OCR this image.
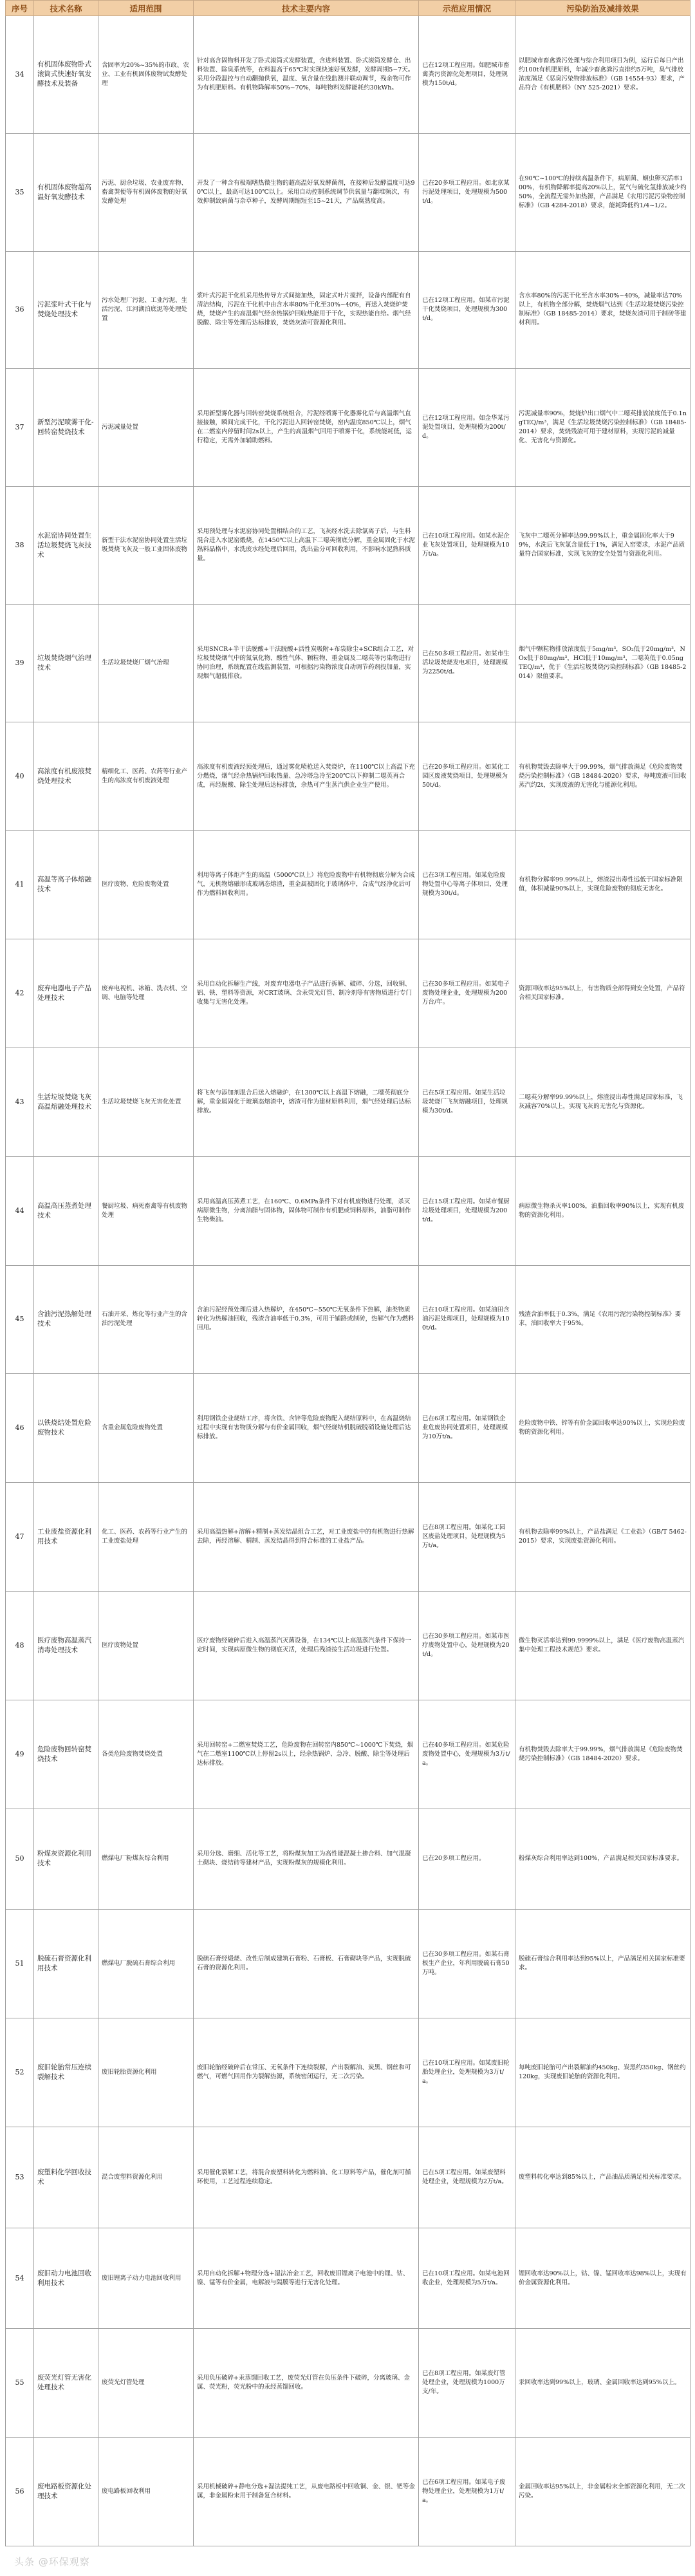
序号	技术名称	适用范围	技术主要内容	示范应用情况	污染防治及减排效果
34	有机固体废物卧式滚筒式快速好氧发酵技术及装备	含固率为20%~35%的市政、农业、工业有机固体废物试发酵处理	针对高含固物料开发了卧式滚筒式发酵装置，含进料装置、卧式滚筒发酵仓、出料装置、除臭系统等，在料温高于65℃时实现快速好氧发酵，发酵周期5~7天。采用分段温控与自动翻抛供氧，温度、氧含量在线监测并联动调节，残余物可作为有机肥原料。有机物降解率50%~70%，每吨物料发酵能耗约30kWh。	已在12项工程应用。如肥城市畜禽粪污资源化处理项目，处理规模为150t/d。	以肥城市畜禽粪污处理与综合利用项目为例，运行后每日产出约100t有机肥原料，年减少畜禽粪污直排约5万吨，臭气排放浓度满足《恶臭污染物排放标准》（GB 14554-93）要求，产品符合《有机肥料》（NY 525-2021）要求。
35	有机固体废物超高温好氧发酵技术	污泥、厨余垃圾、农业废弃物、畜禽粪便等有机固体废物的好氧发酵处理	开发了一种含有极端嗜热微生物的超高温好氧发酵菌剂，在接种后发酵温度可达90℃以上，最高可达100℃以上。采用自动控制系统调节供氧量与翻堆频次，有效抑制致病菌与杂草种子，发酵周期缩短至15~21天，产品腐熟度高。	已在20多项工程应用。如北京某污泥处理项目，处理规模为500t/d。	在90℃~100℃的持续高温条件下，病原菌、蛔虫卵灭活率100%，有机物降解率提高20%以上，氨气与硫化氢排放减少约50%，全流程无需外加热源，产品满足《农用污泥污染物控制标准》（GB 4284-2018）要求，能耗降低约1/4~1/2。
36	污泥浆叶式干化与焚烧处理技术	污水处理厂污泥、工业污泥、生活污泥、江河湖泊底泥等处理处置	浆叶式污泥干化机采用热传导方式间接加热，固定式叶片搅拌，设备内部配有自清洁结构，污泥在干化机中由含水率80%干化至30%~40%，再送入焚烧炉焚烧，焚烧产生的高温烟气经余热锅炉回收热能用于干化，实现热能自给。烟气经脱酸、除尘等处理后达标排放，焚烧灰渣可资源化利用。	已在12项工程应用。如某市污泥干化焚烧项目，处理规模为300t/d。	含水率80%的污泥干化至含水率30%~40%，减量率达70%以上，有机物全部分解，焚烧烟气达到《生活垃圾焚烧污染控制标准》（GB 18485-2014）要求，焚烧灰渣可用于制砖等建材利用。
37	新型污泥喷雾干化-回转窑焚烧技术	污泥减量处置	采用新型雾化器与回转窑焚烧系统组合，污泥经喷雾干化器雾化后与高温烟气直接接触，瞬间完成干化，干化污泥进入回转窑焚烧，窑内温度850℃以上，烟气在二燃室内停留时间2s以上，产生的高温烟气回用于喷雾干化，系统能耗低，运行稳定，无需外加辅助燃料。	已在12项工程应用。如金华某污泥处置项目，处理规模为200t/d。	污泥减量率90%，焚烧炉出口烟气中二噁英排放浓度低于0.1ngTEQ/m³，满足《生活垃圾焚烧污染控制标准》（GB 18485-2014）要求，焚烧残渣可用于建材原料，实现污泥的减量化、无害化与资源化。
38	水泥窑协同处置生活垃圾焚烧飞灰技术	新型干法水泥窑协同处置生活垃圾焚烧飞灰及一般工业固体废物	采用预处理与水泥窑协同处置相结合的工艺，飞灰经水洗去除氯离子后，与生料混合进入水泥窑煅烧，在1450℃以上高温下二噁英彻底分解，重金属固化于水泥熟料晶格中，水洗废水经处理后回用，洗出盐分可回收利用，不影响水泥熟料质量。	已在10项工程应用。如某水泥企业飞灰处置项目，处理规模为10万t/a。	飞灰中二噁英分解率达99.99%以上，重金属固化率大于99%，水洗后飞灰氯含量低于1%，满足入窑要求，水泥产品质量符合国家标准，实现飞灰的安全处置与资源化利用。
39	垃圾焚烧烟气治理技术	生活垃圾焚烧厂烟气治理	采用SNCR+半干法脱酸+干法脱酸+活性炭吸附+布袋除尘+SCR组合工艺，对垃圾焚烧烟气中的氮氧化物、酸性气体、颗粒物、重金属及二噁英等污染物进行协同治理，系统配置在线监测装置，可根据污染物浓度自动调节药剂投加量，实现烟气超低排放。	已在50多项工程应用。如某市生活垃圾焚烧发电项目，处理规模为2250t/d。	烟气中颗粒物排放浓度低于5mg/m³，SO₂低于20mg/m³，NOx低于80mg/m³，HCl低于10mg/m³，二噁英低于0.05ngTEQ/m³，优于《生活垃圾焚烧污染控制标准》（GB 18485-2014）限值要求。
40	高浓度有机废液焚烧处理技术	精细化工、医药、农药等行业产生的高浓度有机废液处理	高浓度有机废液经预处理后，通过雾化喷枪送入焚烧炉，在1100℃以上高温下充分燃烧，烟气经余热锅炉回收热量、急冷塔急冷至200℃以下抑制二噁英再合成，再经脱酸、除尘处理后达标排放，余热可产生蒸汽供企业生产使用。	已在20多项工程应用。如某化工园区废液焚烧项目，处理规模为50t/d。	有机物焚毁去除率大于99.99%，烟气排放满足《危险废物焚烧污染控制标准》（GB 18484-2020）要求，每吨废液可回收蒸汽约2t，实现废液的无害化与能源化利用。
41	高温等离子体熔融技术	医疗废物、危险废物处置	利用等离子体炬产生的高温（5000℃以上）将危险废物中有机物彻底分解为合成气，无机物熔融形成玻璃态熔渣，重金属被固化于玻璃体中，合成气经净化后可作为燃料回收利用。	已在3项工程应用。如某危险废物处置中心等离子体项目，处理规模为30t/d。	有机物分解率99.99%以上，熔渣浸出毒性远低于国家标准限值，体积减量90%以上，实现危险废物的彻底无害化。
42	废弃电器电子产品处理技术	废弃电视机、冰箱、洗衣机、空调、电脑等处理	采用自动化拆解生产线，对废弃电器电子产品进行拆解、破碎、分选，回收铜、铝、铁、塑料等资源，对CRT玻璃、含汞荧光灯管、制冷剂等有害物质进行专门收集与无害化处理。	已在30多项工程应用。如某电子废物处理企业，处理规模为200万台/年。	资源回收率达95%以上，有害物质全部得到安全处置，产品符合相关国家标准。
43	生活垃圾焚烧飞灰高温熔融处理技术	生活垃圾焚烧飞灰无害化处置	将飞灰与添加剂混合后送入熔融炉，在1300℃以上高温下熔融，二噁英彻底分解，重金属固化于玻璃态熔渣中，熔渣可作为建材原料利用，烟气经处理后达标排放。	已在5项工程应用。如某生活垃圾焚烧厂飞灰熔融项目，处理规模为30t/d。	二噁英分解率99.99%以上，熔渣浸出毒性满足国家标准，飞灰减容70%以上，实现飞灰的无害化与资源化。
44	高温高压蒸煮处理技术	餐厨垃圾、病死畜禽等有机废物处理	采用高温高压蒸煮工艺，在160℃、0.6MPa条件下对有机废物进行处理，杀灭病原微生物，分离油脂与固体物，固体物可制作有机肥或饲料原料，油脂可制作生物柴油。	已在15项工程应用。如某市餐厨垃圾处理项目，处理规模为200t/d。	病原微生物杀灭率100%，油脂回收率90%以上，实现有机废物的资源化利用。
45	含油污泥热解处理技术	石油开采、炼化等行业产生的含油污泥处理	含油污泥经预处理后进入热解炉，在450℃~550℃无氧条件下热解，油类物质转化为热解油回收，残渣含油率低于0.3%，可用于铺路或制砖，热解气作为燃料回用。	已在10项工程应用。如某油田含油污泥处理项目，处理规模为100t/d。	残渣含油率低于0.3%，满足《农用污泥污染物控制标准》要求，油回收率大于95%。
46	以铁烧结处置危险废物技术	含重金属危险废物处置	利用钢铁企业烧结工序，将含铁、含锌等危险废物配入烧结原料中，在高温烧结过程中实现有害物质分解与有价金属回收，烟气经烧结机脱硫脱硝设施处理后达标排放。	已在6项工程应用。如某钢铁企业危废协同处置项目，处理规模为10万t/a。	危险废物中铁、锌等有价金属回收率达90%以上，实现危险废物的资源化利用。
47	工业废盐资源化利用技术	化工、医药、农药等行业产生的工业废盐处理	采用高温热解+溶解+精制+蒸发结晶组合工艺，对工业废盐中的有机物进行热解去除，再经溶解、精制、蒸发结晶得到符合标准的工业盐产品。	已在8项工程应用。如某化工园区废盐处理项目，处理规模为5万t/a。	有机物去除率99%以上，产品盐满足《工业盐》（GB/T 5462-2015）要求，实现废盐资源化利用。
48	医疗废物高温蒸汽消毒处理技术	医疗废物处置	医疗废物经破碎后进入高温蒸汽灭菌设备，在134℃以上高温蒸汽条件下保持一定时间，实现病原微生物的彻底灭活，处理后残渣按生活垃圾进行处置。	已在30多项工程应用。如某市医疗废物处置中心，处理规模为20t/d。	微生物灭活率达到99.9999%以上，满足《医疗废物高温蒸汽集中处理工程技术规范》要求。
49	危险废物回转窑焚烧技术	各类危险废物焚烧处置	采用回转窑+二燃室焚烧工艺，危险废物在回转窑内850℃~1000℃下焚烧，烟气在二燃室1100℃以上停留2s以上，经余热锅炉、急冷、脱酸、除尘等处理后达标排放。	已在40多项工程应用。如某危险废物处置中心，处理规模为3万t/a。	有机物焚毁去除率大于99.99%，烟气排放满足《危险废物焚烧污染控制标准》（GB 18484-2020）要求。
50	粉煤灰资源化利用技术	燃煤电厂粉煤灰综合利用	采用分选、磨细、活化等工艺，将粉煤灰加工为高性能混凝土掺合料、加气混凝土砌块、烧结砖等建材产品，实现粉煤灰的规模化利用。	已在20多项工程应用。	粉煤灰综合利用率达到100%，产品满足相关国家标准要求。
51	脱硫石膏资源化利用技术	燃煤电厂脱硫石膏综合利用	脱硫石膏经煅烧、改性后制成建筑石膏粉、石膏板、石膏砌块等产品，实现脱硫石膏的资源化利用。	已在30多项工程应用。如某石膏板生产企业，年利用脱硫石膏50万吨。	脱硫石膏综合利用率达到95%以上，产品满足相关国家标准要求。
52	废旧轮胎常压连续裂解技术	废旧轮胎资源化利用	废旧轮胎经破碎后在常压、无氧条件下连续裂解，产出裂解油、炭黑、钢丝和可燃气，可燃气回用作为裂解热源，系统密闭运行，无二次污染。	已在10项工程应用。如某废旧轮胎处理企业，处理规模为3万t/a。	每吨废旧轮胎可产出裂解油约450kg、炭黑约350kg、钢丝约120kg，实现废旧轮胎的资源化利用。
53	废塑料化学回收技术	混合废塑料资源化利用	采用催化裂解工艺，将混合废塑料转化为燃料油、化工原料等产品，催化剂可循环使用，工艺过程连续稳定。	已在5项工程应用。如某废塑料处理企业，处理规模为2万t/a。	废塑料转化率达到85%以上，产品油品质满足相关标准要求。
54	废旧动力电池回收利用技术	废旧锂离子动力电池回收利用	采用自动化拆解+物理分选+湿法冶金工艺，回收废旧锂离子电池中的锂、钴、镍、锰等有价金属，电解液与隔膜等进行无害化处理。	已在10项工程应用。如某电池回收企业，处理规模为5万t/a。	锂回收率达90%以上，钴、镍、锰回收率达98%以上，实现有价金属资源化利用。
55	废荧光灯管无害化处理技术	废荧光灯管处理	采用负压破碎+汞蒸馏回收工艺，废荧光灯管在负压条件下破碎，分离玻璃、金属、荧光粉，荧光粉中的汞经蒸馏回收。	已在8项工程应用。如某废灯管处理企业，处理规模为1000万支/年。	汞回收率达到99%以上，玻璃、金属回收率达到95%以上。
56	废电路板资源化处理技术	废电路板回收利用	采用机械破碎+静电分选+湿法提纯工艺，从废电路板中回收铜、金、银、钯等金属，非金属粉末用于制备复合材料。	已在6项工程应用。如某电子废物处理企业，处理规模为1万t/a。	金属回收率达95%以上，非金属粉末全部资源化利用，无二次污染。
头条 @环保观察
